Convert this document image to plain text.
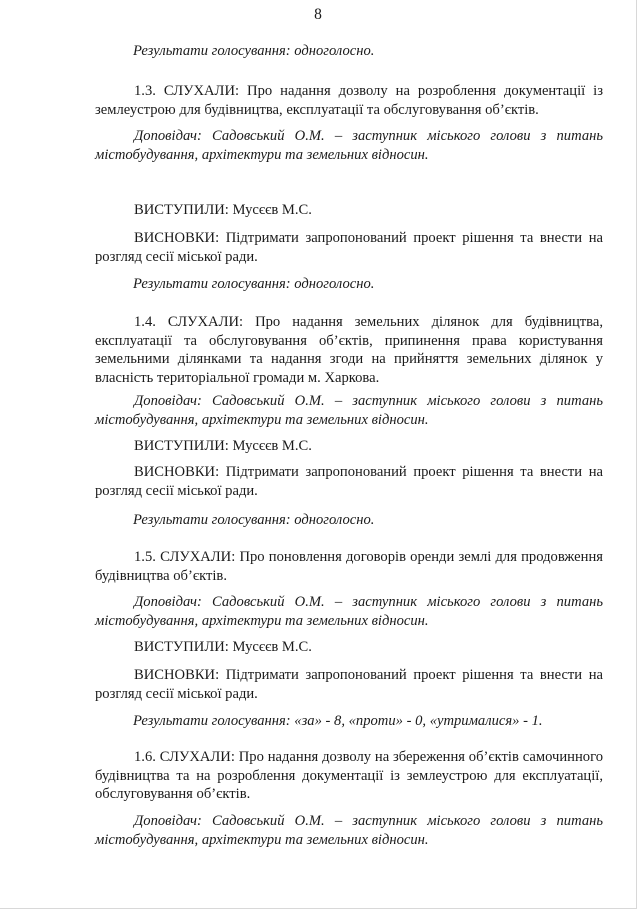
8

Результати голосування: одноголосно.

1.3. СЛУХАЛИ: Про надання дозволу на розроблення документації із землеустрою для будівництва, експлуатації та обслуговування об’єктів.

Доповідач: Садовський О.М. – заступник міського голови з питань містобудування, архітектури та земельних відносин.

ВИСТУПИЛИ: Мусєєв М.С.

ВИСНОВКИ: Підтримати запропонований проект рішення та внести на розгляд сесії міської ради.

Результати голосування: одноголосно.

1.4. СЛУХАЛИ: Про надання земельних ділянок для будівництва, експлуатації та обслуговування об’єктів, припинення права користування земельними ділянками та надання згоди на прийняття земельних ділянок у власність територіальної громади м. Харкова.

Доповідач: Садовський О.М. – заступник міського голови з питань містобудування, архітектури та земельних відносин.

ВИСТУПИЛИ: Мусєєв М.С.

ВИСНОВКИ: Підтримати запропонований проект рішення та внести на розгляд сесії міської ради.

Результати голосування: одноголосно.

1.5. СЛУХАЛИ: Про поновлення договорів оренди землі для продовження будівництва об’єктів.

Доповідач: Садовський О.М. – заступник міського голови з питань містобудування, архітектури та земельних відносин.

ВИСТУПИЛИ: Мусєєв М.С.

ВИСНОВКИ: Підтримати запропонований проект рішення та внести на розгляд сесії міської ради.

Результати голосування: «за» - 8, «проти» - 0, «утрималися» - 1.

1.6. СЛУХАЛИ: Про надання дозволу на збереження об’єктів самочинного будівництва та на розроблення документації із землеустрою для експлуатації, обслуговування об’єктів.

Доповідач: Садовський О.М. – заступник міського голови з питань містобудування, архітектури та земельних відносин.
